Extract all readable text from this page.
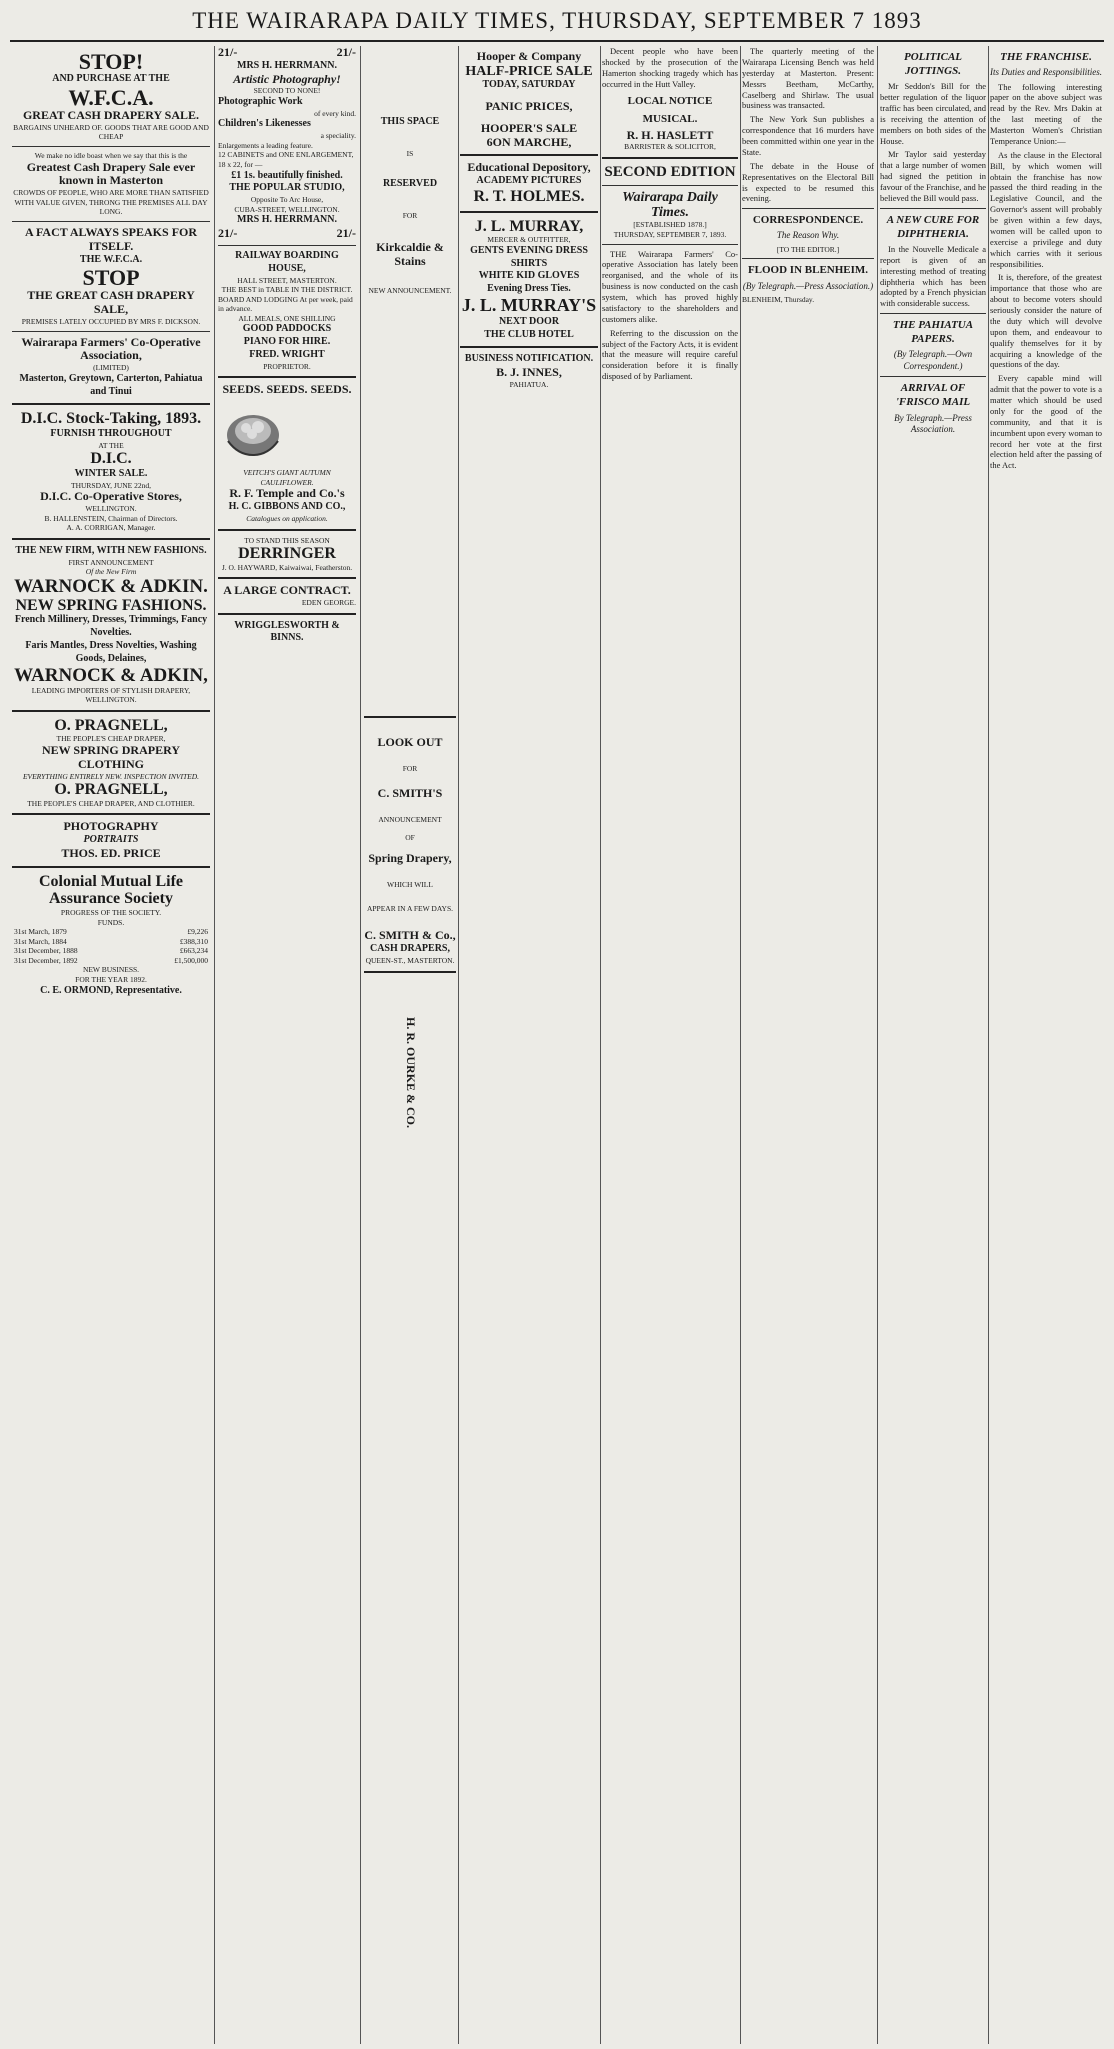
THE WAIRARAPA DAILY TIMES, THURSDAY, SEPTEMBER 7 1893
STOP!
AND PURCHASE AT THE
W.F.C.A.
GREAT CASH DRAPERY SALE.
BARGAINS UNHEARD OF. GOODS THAT ARE GOOD AND CHEAP
We make no idle boast when we say that this is the
Greatest Cash Drapery Sale ever known in Masterton
CROWDS OF PEOPLE, WHO ARE MORE THAN SATISFIED WITH VALUE GIVEN, THRONG THE PREMISES ALL DAY LONG.
A FACT ALWAYS SPEAKS FOR ITSELF.
THE W.F.C.A.
STOP
THE GREAT CASH DRAPERY SALE,
PREMISES LATELY OCCUPIED BY MRS F. DICKSON.
Wairarapa Farmers' Co-Operative Association,
(LIMITED)
Masterton, Greytown, Carterton, Pahiatua and Tinui
D.I.C. Stock-Taking, 1893.
FURNISH THROUGHOUT
AT THE
D.I.C.
WINTER SALE.
THURSDAY, JUNE 22nd,
D.I.C. Co-Operative Stores,
WELLINGTON.
B. HALLENSTEIN, Chairman of Directors.
A. A. CORRIGAN, Manager.
THE NEW FIRM, WITH NEW FASHIONS.
FIRST ANNOUNCEMENT
Of the New Firm
WARNOCK & ADKIN.
NEW SPRING FASHIONS.
French Millinery, Dresses, Trimmings, Fancy Novelties.
Faris Mantles, Dress Novelties, Washing Goods, Delaines,
WARNOCK & ADKIN,
LEADING IMPORTERS OF STYLISH DRAPERY, WELLINGTON.
O. PRAGNELL,
THE PEOPLE'S CHEAP DRAPER,
NEW SPRING DRAPERY
CLOTHING
EVERYTHING ENTIRELY NEW. INSPECTION INVITED.
O. PRAGNELL,
THE PEOPLE'S CHEAP DRAPER, AND CLOTHIER.
PHOTOGRAPHY
PORTRAITS
THOS. ED. PRICE
Colonial Mutual Life Assurance Society
PROGRESS OF THE SOCIETY.
FUNDS.
31st March, 1879	£9,226
31st March, 1884	£388,310
31st December, 1888	£663,234
31st December, 1892	£1,500,000
NEW BUSINESS.
FOR THE YEAR 1892.
C. E. ORMOND, Representative.
21/-	21/-
MRS H. HERRMANN.
Artistic Photography!
SECOND TO NONE!
Photographic Work
of every kind.
Children's Likenesses
a speciality.
Enlargements a leading feature.
12 CABINETS and ONE ENLARGEMENT, 18 x 22, for —
£1 1s. beautifully finished.
THE POPULAR STUDIO,
Opposite To Arc House,
CUBA-STREET, WELLINGTON.
MRS H. HERRMANN.
21/-	21/-
RAILWAY BOARDING HOUSE,
HALL STREET, MASTERTON.
THE BEST in TABLE IN THE DISTRICT.
BOARD AND LODGING At per week, paid in advance.
ALL MEALS, ONE SHILLING
GOOD PADDOCKS
PIANO FOR HIRE.
FRED. WRIGHT
PROPRIETOR.
SEEDS. SEEDS. SEEDS.
VEITCH'S GIANT AUTUMN CAULIFLOWER.
R. F. Temple and Co.'s
H. C. GIBBONS AND CO.,
Catalogues on application.
TO STAND THIS SEASON
DERRINGER
J. O. HAYWARD, Kaiwaiwai, Featherston.
A LARGE CONTRACT.
EDEN GEORGE.
WRIGGLESWORTH & BINNS.
THIS SPACE
IS
RESERVED
FOR
Kirkcaldie & Stains
NEW ANNOUNCEMENT.
LOOK OUT
FOR
C. SMITH'S
ANNOUNCEMENT
OF
Spring Drapery,
WHICH WILL
APPEAR IN A FEW DAYS.
C. SMITH & Co.,
CASH DRAPERS,
QUEEN-ST., MASTERTON.
H. R. OURKE & CO.
Hooper & Company
HALF-PRICE SALE
TODAY, SATURDAY
PANIC PRICES,
HOOPER'S SALE
6ON MARCHE,
Educational Depository,
ACADEMY PICTURES
R. T. HOLMES.
J. L. MURRAY,
MERCER & OUTFITTER,
GENTS EVENING DRESS SHIRTS
WHITE KID GLOVES
Evening Dress Ties.
J. L. MURRAY'S
NEXT DOOR
THE CLUB HOTEL
BUSINESS NOTIFICATION.
B. J. INNES,
PAHIATUA.
Decent people who have been shocked by the prosecution of the Hamerton shocking tragedy which has occurred in the Hutt Valley.
LOCAL NOTICE
MUSICAL.
R. H. HASLETT
BARRISTER & SOLICITOR,
SECOND EDITION
Wairarapa Daily Times.
[ESTABLISHED 1878.]
THURSDAY, SEPTEMBER 7, 1893.
THE Wairarapa Farmers' Co-operative Association has lately been reorganised, and the whole of its business is now conducted on the cash system, which has proved highly satisfactory to the shareholders and customers alike.
Referring to the discussion on the subject of the Factory Acts, it is evident that the measure will require careful consideration before it is finally disposed of by Parliament.
The quarterly meeting of the Wairarapa Licensing Bench was held yesterday at Masterton. Present: Messrs Beetham, McCarthy, Caselberg and Shirlaw. The usual business was transacted.
The New York Sun publishes a correspondence that 16 murders have been committed within one year in the State.
The debate in the House of Representatives on the Electoral Bill is expected to be resumed this evening.
CORRESPONDENCE.
The Reason Why.
[TO THE EDITOR.]
FLOOD IN BLENHEIM.
(By Telegraph.—Press Association.)
BLENHEIM, Thursday.
POLITICAL JOTTINGS.
Mr Seddon's Bill for the better regulation of the liquor traffic has been circulated, and is receiving the attention of members on both sides of the House.
Mr Taylor said yesterday that a large number of women had signed the petition in favour of the Franchise, and he believed the Bill would pass.
A NEW CURE FOR DIPHTHERIA.
In the Nouvelle Medicale a report is given of an interesting method of treating diphtheria which has been adopted by a French physician with considerable success.
THE PAHIATUA PAPERS.
(By Telegraph.—Own Correspondent.)
ARRIVAL OF 'FRISCO MAIL
By Telegraph.—Press Association.
THE FRANCHISE.
Its Duties and Responsibilities.
The following interesting paper on the above subject was read by the Rev. Mrs Dakin at the last meeting of the Masterton Women's Christian Temperance Union:—
As the clause in the Electoral Bill, by which women will obtain the franchise has now passed the third reading in the Legislative Council, and the Governor's assent will probably be given within a few days, women will be called upon to exercise a privilege and duty which carries with it serious responsibilities.
It is, therefore, of the greatest importance that those who are about to become voters should seriously consider the nature of the duty which will devolve upon them, and endeavour to qualify themselves for it by acquiring a knowledge of the questions of the day.
Every capable mind will admit that the power to vote is a matter which should be used only for the good of the community, and that it is incumbent upon every woman to record her vote at the first election held after the passing of the Act.
